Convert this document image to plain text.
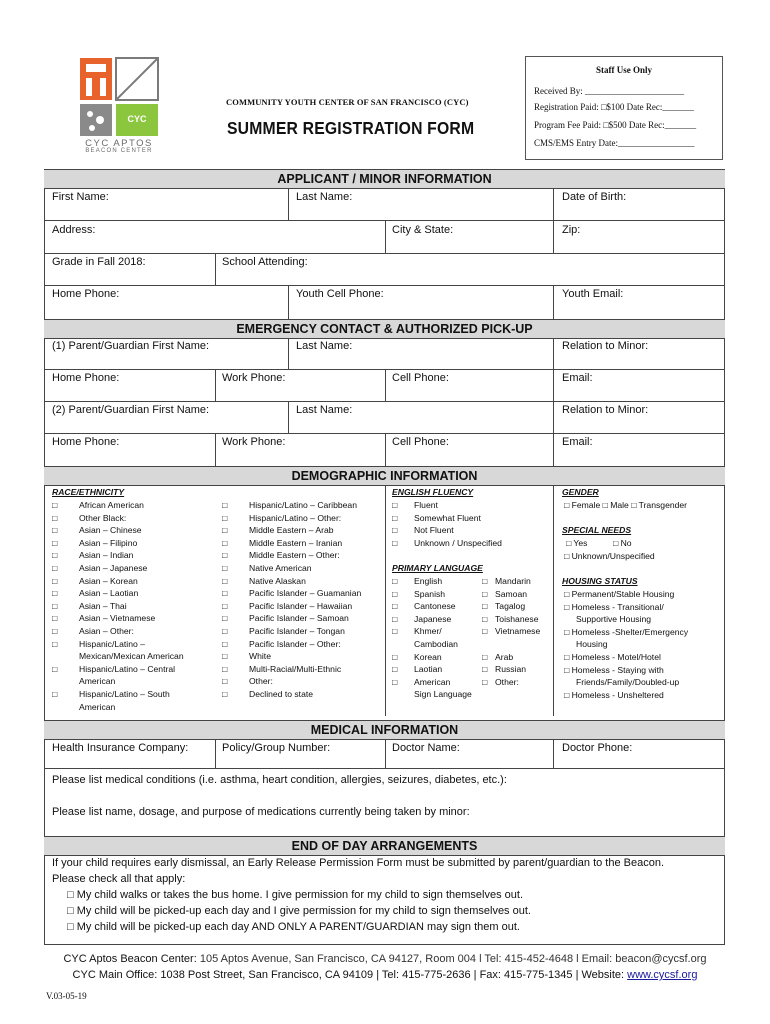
CYC
CYC APTOS
BEACON CENTER
COMMUNITY YOUTH CENTER OF SAN FRANCISCO (CYC)
SUMMER REGISTRATION FORM
Staff Use Only
Received By: ______________________
Registration Paid: □$100 Date Rec:_______
Program Fee Paid: □$500 Date Rec:_______
CMS/EMS Entry Date:_________________
APPLICANT / MINOR INFORMATION
First Name:	Last Name:	Date of Birth:
Address:	City & State:	Zip:
Grade in Fall 2018:	School Attending:
Home Phone:	Youth Cell Phone:	Youth Email:
EMERGENCY CONTACT & AUTHORIZED PICK-UP
(1) Parent/Guardian First Name:	Last Name:	Relation to Minor:
Home Phone:	Work Phone:	Cell Phone:	Email:
(2) Parent/Guardian First Name:	Last Name:	Relation to Minor:
Home Phone:	Work Phone:	Cell Phone:	Email:
DEMOGRAPHIC INFORMATION
RACE/ETHNICITY
□	African American
□	Other Black:
□	Asian – Chinese
□	Asian – Filipino
□	Asian – Indian
□	Asian – Japanese
□	Asian – Korean
□	Asian – Laotian
□	Asian – Thai
□	Asian – Vietnamese
□	Asian – Other:
□	Hispanic/Latino –
Mexican/Mexican American
□	Hispanic/Latino – Central
American
□	Hispanic/Latino – South
American
□	Hispanic/Latino – Caribbean
□	Hispanic/Latino – Other:
□	Middle Eastern – Arab
□	Middle Eastern – Iranian
□	Middle Eastern – Other:
□	Native American
□	Native Alaskan
□	Pacific Islander – Guamanian
□	Pacific Islander – Hawaiian
□	Pacific Islander – Samoan
□	Pacific Islander – Tongan
□	Pacific Islander – Other:
□	White
□	Multi-Racial/Multi-Ethnic
□	Other:
□	Declined to state
ENGLISH FLUENCY
□ Fluent
□ Somewhat Fluent
□ Not Fluent
□ Unknown / Unspecified
PRIMARY LANGUAGE
□ English
□ Spanish
□ Cantonese
□ Japanese
□ Khmer/
Cambodian
□ Korean
□ Laotian
□ American
Sign Language
□ Mandarin
□ Samoan
□ Tagalog
□ Toishanese
□ Vietnamese
□ Arab
□ Russian
□ Other:
GENDER
□ Female □ Male □ Transgender
SPECIAL NEEDS
□ Yes	□ No
□ Unknown/Unspecified
HOUSING STATUS
□ Permanent/Stable Housing
□ Homeless - Transitional/
Supportive Housing
□ Homeless -Shelter/Emergency
Housing
□ Homeless - Motel/Hotel
□ Homeless - Staying with
Friends/Family/Doubled-up
□ Homeless - Unsheltered
MEDICAL INFORMATION
Health Insurance Company:	Policy/Group Number:	Doctor Name:	Doctor Phone:
Please list medical conditions (i.e. asthma, heart condition, allergies, seizures, diabetes, etc.):
Please list name, dosage, and purpose of medications currently being taken by minor:
END OF DAY ARRANGEMENTS
If your child requires early dismissal, an Early Release Permission Form must be submitted by parent/guardian to the Beacon.
Please check all that apply:
□ My child walks or takes the bus home. I give permission for my child to sign themselves out.
□ My child will be picked-up each day and I give permission for my child to sign themselves out.
□ My child will be picked-up each day AND ONLY A PARENT/GUARDIAN may sign them out.
CYC Aptos Beacon Center: 105 Aptos Avenue, San Francisco, CA 94127, Room 004 l Tel: 415-452-4648 l Email: beacon@cycsf.org
CYC Main Office: 1038 Post Street, San Francisco, CA 94109 | Tel: 415-775-2636 | Fax: 415-775-1345 | Website: www.cycsf.org
V.03-05-19
